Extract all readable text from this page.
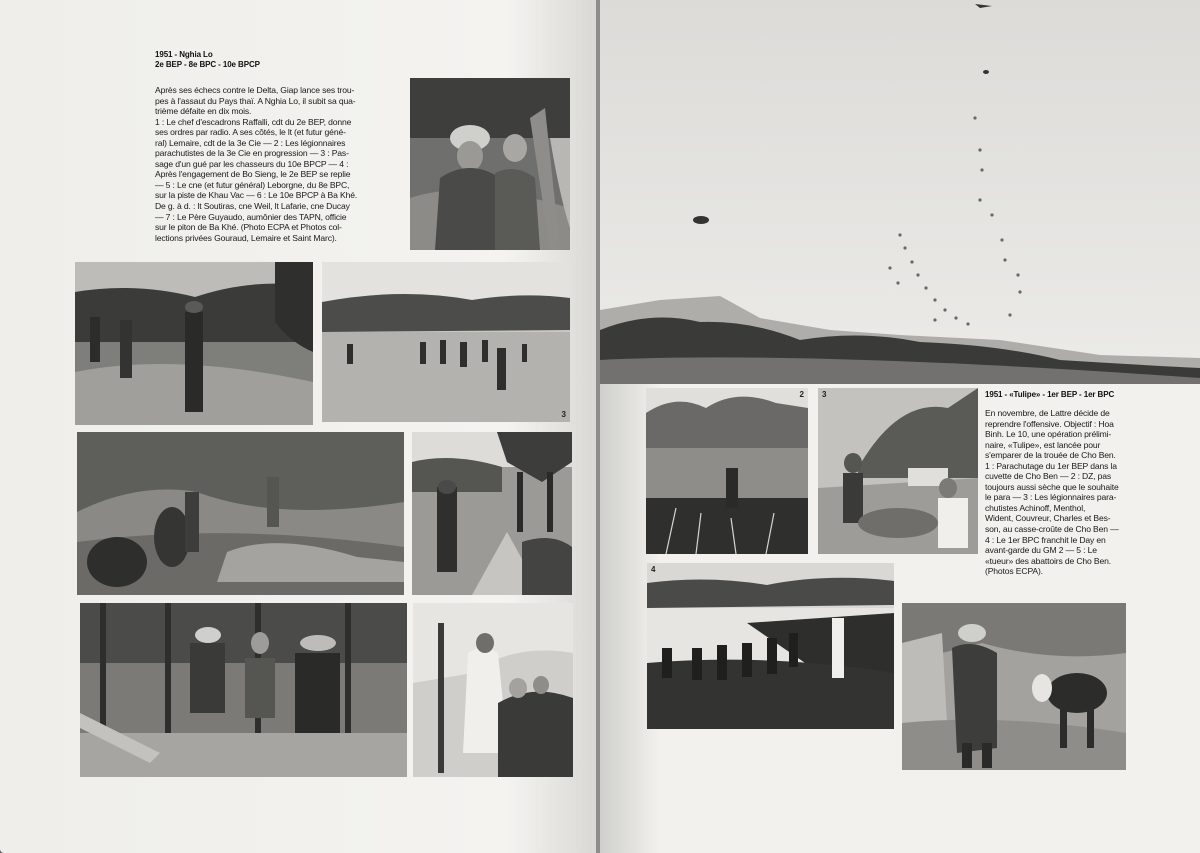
1951 - Nghia Lo
2e BEP - 8e BPC - 10e BPCP
Après ses échecs contre le Delta, Giap lance ses trou-
pes à l'assaut du Pays thaï. A Nghia Lo, il subit sa qua-
trième défaite en dix mois.
1 : Le chef d'escadrons Raffalli, cdt du 2e BEP, donne
ses ordres par radio. A ses côtés, le lt (et futur géné-
ral) Lemaire, cdt de la 3e Cie — 2 : Les légionnaires
parachutistes de la 3e Cie en progression — 3 : Pas-
sage d'un gué par les chasseurs du 10e BPCP — 4 :
Après l'engagement de Bo Sieng, le 2e BEP se replie
— 5 : Le cne (et futur général) Leborgne, du 8e BPC,
sur la piste de Khau Vac — 6 : Le 10e BPCP à Ba Khé.
De g. à d. : lt Soutiras, cne Weil, lt Lafarie, cne Ducay
— 7 : Le Père Guyaudo, aumônier des TAPN, officie
sur le piton de Ba Khé. (Photo ECPA et Photos col-
lections privées Gouraud, Lemaire et Saint Marc).
3
1951 - «Tulipe» - 1er BEP - 1er BPC
En novembre, de Lattre décide de
reprendre l'offensive. Objectif : Hoa
Binh. Le 10, une opération prélimi-
naire, «Tulipe», est lancée pour
s'emparer de la trouée de Cho Ben.
1 : Parachutage du 1er BEP dans la
cuvette de Cho Ben — 2 : DZ, pas
toujours aussi sèche que le souhaite
le para — 3 : Les légionnaires para-
chutistes Achinoff, Menthol,
Wident, Couvreur, Charles et Bes-
son, au casse-croûte de Cho Ben —
4 : Le 1er BPC franchit le Day en
avant-garde du GM 2 — 5 : Le
«tueur» des abattoirs de Cho Ben.
(Photos ECPA).
2 3
4
